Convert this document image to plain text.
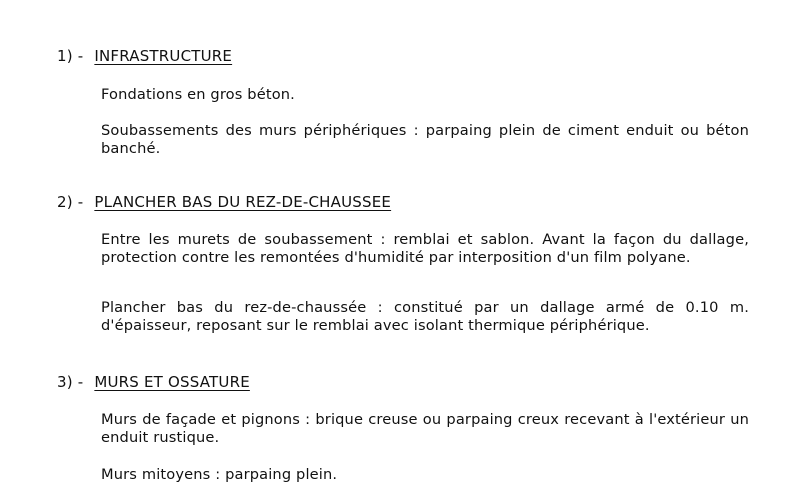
1) - INFRASTRUCTURE
Fondations en gros béton.
Soubassements des murs périphériques : parpaing plein de ciment enduit ou béton banché.
2) - PLANCHER BAS DU REZ-DE-CHAUSSEE
Entre les murets de soubassement : remblai et sablon. Avant la façon du dallage, protection contre les remontées d'humidité par interposition d'un film polyane.
Plancher bas du rez-de-chaussée : constitué par un dallage armé de 0.10 m. d'épaisseur, reposant sur le remblai avec isolant thermique périphérique.
3) - MURS ET OSSATURE
Murs de façade et pignons : brique creuse ou parpaing creux recevant à l'extérieur un enduit rustique.
Murs mitoyens : parpaing plein.
